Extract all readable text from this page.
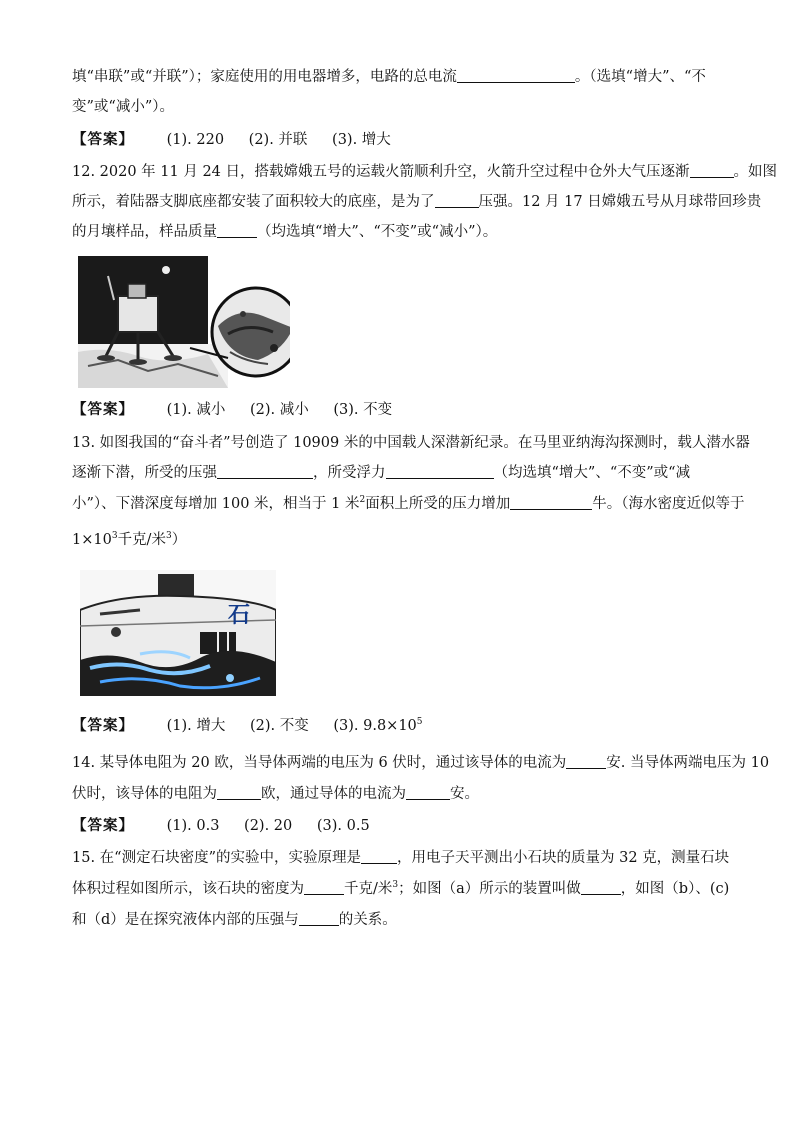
填“串联”或“并联”）；家庭使用的用电器增多，电路的总电流	。（选填“增大”、“不
变”或“减小”）。
【答案】 (1). 220 (2). 并联 (3). 增大
12. 2020 年 11 月 24 日，搭载嫦娥五号的运载火箭顺利升空，火箭升空过程中仓外大气压逐渐	。如图
所示，着陆器支脚底座都安装了面积较大的底座，是为了	压强。12 月 17 日嫦娥五号从月球带回珍贵
的月壤样品，样品质量	（均选填“增大”、“不变”或“减小”）。
【答案】 (1). 减小 (2). 减小 (3). 不变
13. 如图我国的“奋斗者”号创造了 10909 米的中国载人深潜新纪录。在马里亚纳海沟探测时，载人潜水器
逐渐下潜，所受的压强	，所受浮力	（均选填“增大”、“不变”或“减
小”）、下潜深度每增加 100 米，相当于 1 米$^2$面积上所受的压力增加	牛。（海水密度近似等于
$1\times 10^3$千克/米$^3$）
石
【答案】 (1). 增大 (2). 不变 (3). $9.8\times 10^5$
14. 某导体电阻为 20 欧，当导体两端的电压为 6 伏时，通过该导体的电流为	安. 当导体两端电压为 10
伏时，该导体的电阻为	欧，通过导体的电流为	安。
【答案】 (1). 0.3 (2). 20 (3). 0.5
15. 在“测定石块密度”的实验中，实验原理是 ，用电子天平测出小石块的质量为 32 克，测量石块
体积过程如图所示，该石块的密度为	千克/米$^3$；如图（a）所示的装置叫做	，如图（b）、(c)
和（d）是在探究液体内部的压强与	的关系。
